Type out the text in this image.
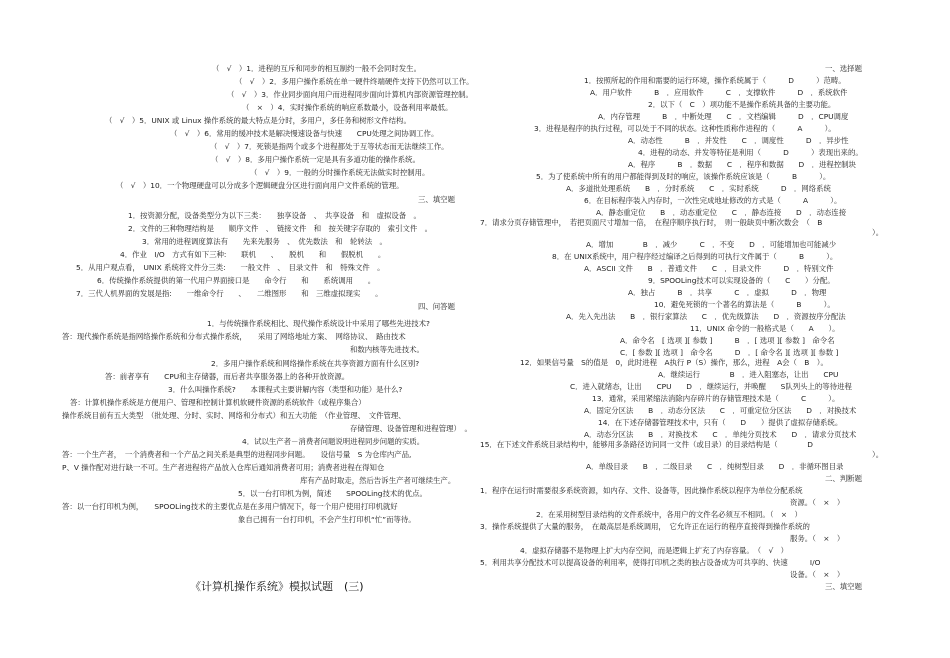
（　√　）1．进程的互斥和同步的相互制约一般不会同时发生。
（　√　）2．多用户操作系统在单一硬件终端硬件支持下仍然可以工作。
（　√　）3．作业同步面向用户而进程同步面向计算机内部资源管理控制。
（　×　）4．实时操作系统的响应系数最小，设备利用率最低。
（　√　）5．UNIX 或 Linux 操作系统的最大特点是分时，多用户，多任务和树形文件结构。
（　√　）6．常用的缓冲技术是解决慢速设备与快速　　CPU处理之间协调工作。
（　√　）7．死锁是指两个或多个进程都处于互等状态而无法继续工作。
（　√　）8．多用户操作系统一定是具有多道功能的操作系统。
（　√　）9．一般的分时操作系统无法做实时控制用。
（　√　）10．一个物理硬盘可以分成多个逻辑硬盘分区进行面向用户文件系统的管理。
三、填空题
1．按资源分配，设备类型分为以下三类：　　独享设备　、　共享设备　和　虚拟设备　。
2．文件的三种物理结构是　　顺序文件　、　链接文件　和　按关键字存取的　索引文件　。
3．常用的进程调度算法有　　先来先服务　、　优先数法　和　轮转法　。
4．作业　I/O　方式有如下三种:　　联机　　、　　脱机　　和　　假脱机　　。
5．从用户观点看，　UNIX 系统将文件分三类:　　一般文件　、　目录文件　和　特殊文件　。
6．传统操作系统提供的第一代用户界面接口是　　命令行　　和　　系统调用　　。
7．三代人机界面的发展是指:　　一维命令行　　、　　二维图形　　和　三维虚拟现实　　。
四、问答题
1．与传统操作系统相比、现代操作系统设计中采用了哪些先进技术?
答：现代操作系统是指网络操作系统和分布式操作系统，　　采用了网络地址方案、　网络协议、　路由技术
和数内核等先进技术。
2．多用户操作系统和网络操作系统在共享资源方面有什么区别?
答：前者享有　　CPU和主存储器，而后者共享服务器上的各种开放资源。
3．什么叫操作系统?　　本课程式主要讲解内容（类型和功能）是什么?
答：计算机操作系统是方便用户、管理和控制计算机软硬件资源的系统软件（或程序集合）
操作系统目前有五大类型　（批处理、分时、实时、网络和分布式）和五大功能　（作业管理、　文件管理、
存储管理、设备管理和进程管理）　。
4．试以生产者－消费者问题说明进程同步问题的实质。
答：一个生产者，　一个消费者和一个产品之间关系是典型的进程同步问题。　　设信号量　S 为仓库内产品,
P、V 操作配对进行缺一不可。生产者进程将产品放入仓库后通知消费者可用；消费者进程在得知仓
库有产品时取走，然后告诉生产者可继续生产。
5．以一台打印机为例，简述　　SPOOLing技术的优点。
答：以一台打印机为例，　　SPOOLing技术的主要优点是在多用户情况下，每一个用户使用打印机就好
象自己拥有一台打印机，不会产生打印机“忙”而等待。
《计算机操作系统》模拟试题　(三)
一、选择题
1．按照所起的作用和需要的运行环境，操作系统属于（　　　D　　　）范畴。
A．用户软件　　　B　．应用软件　　　C　．支撑软件　　　D　．系统软件
2．以下（　C　）项功能不是操作系统具备的主要功能。
A．内存管理　　　B　．中断处理　　C　．文档编辑　　　D　．CPU调度
3．进程是程序的执行过程，可以处于不同的状态。这种性质称作进程的（　　　A　　　）。
A．动态性　　　B　．并发性　　C　．调度性　　　D　．异步性
4．进程的动态、并发等特征是利用（　　　D　　　）表现出来的。
A．程序　　　B　．数据　　C　．程序和数据　　D　．进程控制块
5．为了使系统中所有的用户都能得到及时的响应，该操作系统应该是（　　　B　　　）。
A．多道批处理系统　　B　．分时系统　　C　．实时系统　　　D　．网络系统
6．在目标程序装入内存时，一次性完成地址修改的方式是（　　　A　　　）。
A．静态重定位　　B　．动态重定位　　C　．静态连接　　D　．动态连接
7．请求分页存储管理中，　若把页面尺寸增加一倍，　在程序顺序执行时，　则一般缺页中断次数会　（　B
）。
A．增加　　　　B　．减少　　　C　．不变　　D　．可能增加也可能减少
8．在 UNIX系统中，用户程序经过编译之后得到的可执行文件属于（　　　B　　　）。
A．ASCII 文件　　B　．普通文件　　C　．目录文件　　　D　．特别文件
9．SPOOLing技术可以实现设备的（　　C　　）分配。
A．独占　　　B　．共享　　　C　．虚拟　　　D　．物理
10．避免死锁的一个著名的算法是（　　　B　　　）。
A．先入先出法　　B　．银行家算法　　C　．优先级算法　　D　．资源按序分配法
11．UNIX 命令的一般格式是（　　A　　）。
A．命令名　[ 选项 ][ 参数 ]　　　B　．[ 选项 ][ 参数 ]　命令名
C．[ 参数 ][ 选项 ]　命令名　　　D　．[ 命令名 ][ 选项 ][ 参数 ]
12．如果信号量　S的值是　0，此时进程　A执行 P（S）操作，那么，进程　A会（　B　）。
A．继续运行　　　　B　．进入阻塞态，让出　　CPU
C．进入就绪态，让出　　CPU　　D　．继续运行，并唤醒　　S队列头上的等待进程
13．通常，采用紧缩法消除内存碎片的存储管理技术是（　　　C　　　）。
A．固定分区法　　B　．动态分区法　　C　．可重定位分区法　　D　．对换技术
14．在下述存储器管理技术中，只有（　　D　　）提供了虚拟存储系统。
A．动态分区法　　B　．对换技术　　C　．单纯分页技术　　D　．请求分页技术
15．在下述文件系统目录结构中，能够用多条路径访问同一文件（或目录）的目录结构是（　　　　D
）。
A．单级目录　　B　．二级目录　　C　．纯树型目录　　D　．非循环图目录
二、判断题
1．程序在运行时需要很多系统资源，如内存、文件、设备等，因此操作系统以程序为单位分配系统
资源。（　×　）
2．在采用树型目录结构的文件系统中，各用户的文件名必须互不相同。（　×　）
3．操作系统提供了大量的服务，　在最高层是系统调用，　它允许正在运行的程序直接得到操作系统的
服务。（　×　）
4．虚拟存储器不是物理上扩大内存空间，而是逻辑上扩充了内存容量。　（　√　）
5．利用共享分配技术可以提高设备的利用率，使得打印机之类的独占设备成为可共享的、快速　　　I/O
设备。（　×　）
三、填空题
